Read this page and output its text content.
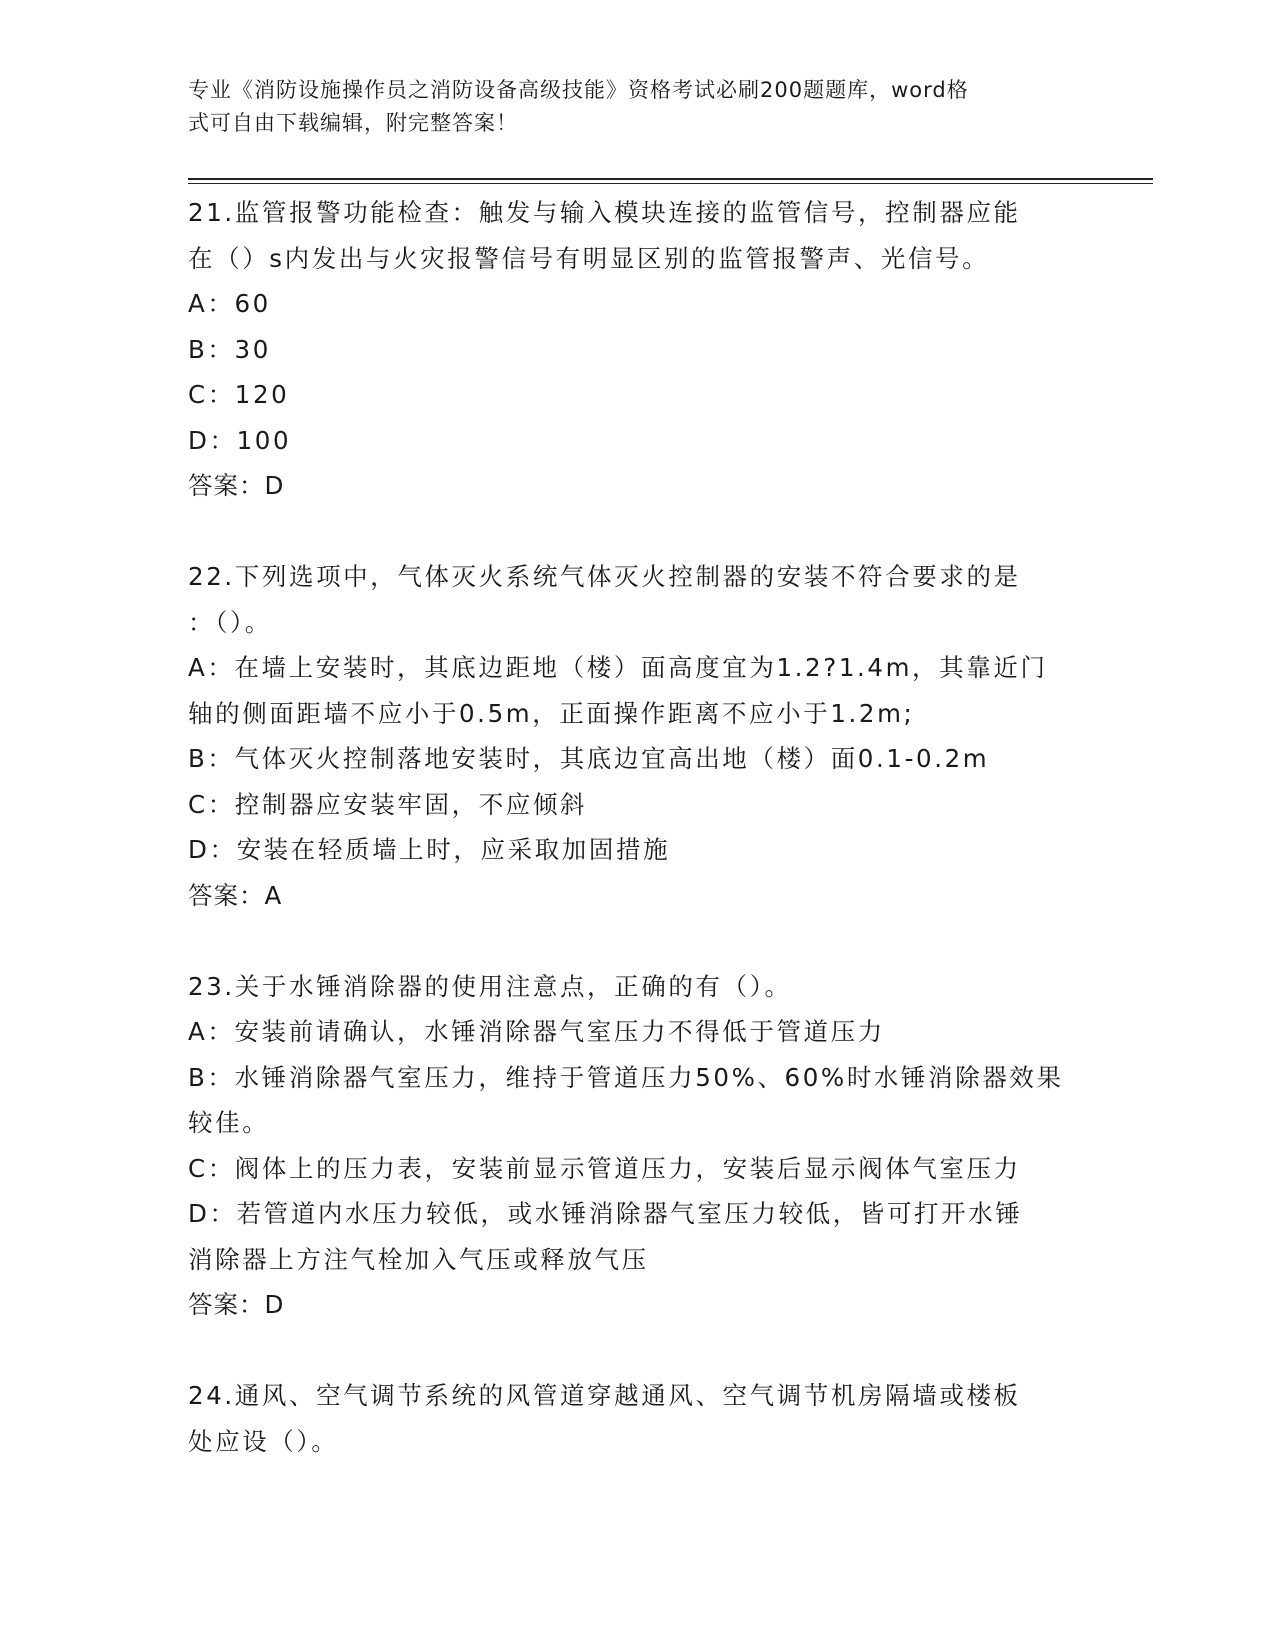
专业《消防设施操作员之消防设备高级技能》资格考试必刷200题题库，word格
式可自由下载编辑，附完整答案！
21.监管报警功能检查：触发与输入模块连接的监管信号，控制器应能
在（）s内发出与火灾报警信号有明显区别的监管报警声、光信号。
A：60
B：30
C：120
D：100
答案：D
22.下列选项中，气体灭火系统气体灭火控制器的安装不符合要求的是
：（）。
A：在墙上安装时，其底边距地（楼）面高度宜为1.2?1.4m，其靠近门
轴的侧面距墙不应小于0.5m，正面操作距离不应小于1.2m;
B：气体灭火控制落地安装时，其底边宜高出地（楼）面0.1-0.2m
C：控制器应安装牢固，不应倾斜
D：安装在轻质墙上时，应采取加固措施
答案：A
23.关于水锤消除器的使用注意点，正确的有（）。
A：安装前请确认，水锤消除器气室压力不得低于管道压力
B：水锤消除器气室压力，维持于管道压力50%、60%时水锤消除器效果
较佳。
C：阀体上的压力表，安装前显示管道压力，安装后显示阀体气室压力
D：若管道内水压力较低，或水锤消除器气室压力较低，皆可打开水锤
消除器上方注气栓加入气压或释放气压
答案：D
24.通风、空气调节系统的风管道穿越通风、空气调节机房隔墙或楼板
处应设（）。
